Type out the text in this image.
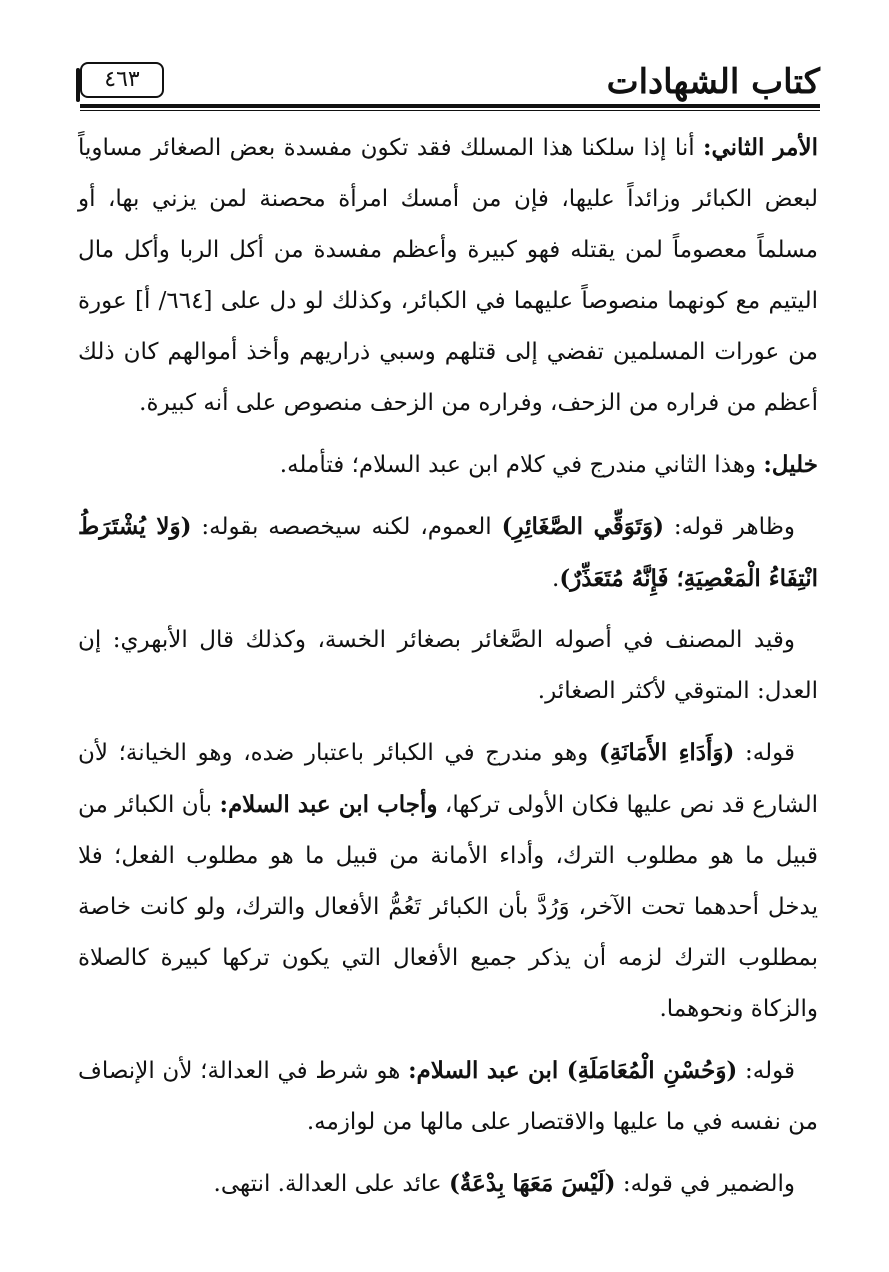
كتاب الشهادات
٤٦٣

الأمر الثاني: أنا إذا سلكنا هذا المسلك فقد تكون مفسدة بعض الصغائر مساوياً لبعض الكبائر وزائداً عليها، فإن من أمسك امرأة محصنة لمن يزني بها، أو مسلماً معصوماً لمن يقتله فهو كبيرة وأعظم مفسدة من أكل الربا وأكل مال اليتيم مع كونهما منصوصاً عليهما في الكبائر، وكذلك لو دل على [٦٦٤/ أ] عورة من عورات المسلمين تفضي إلى قتلهم وسبي ذراريهم وأخذ أموالهم كان ذلك أعظم من فراره من الزحف، وفراره من الزحف منصوص على أنه كبيرة.

خليل: وهذا الثاني مندرج في كلام ابن عبد السلام؛ فتأمله.

 وظاهر قوله: (وَتَوَقِّي الصَّغَائِرِ) العموم، لكنه سيخصصه بقوله: (وَلا يُشْتَرَطُ انْتِفَاءُ الْمَعْصِيَةِ؛ فَإِنَّهُ مُتَعَذِّرٌ).

 وقيد المصنف في أصوله الصَّغائر بصغائر الخسة، وكذلك قال الأبهري: إن العدل: المتوقي لأكثر الصغائر.

 قوله: (وَأَدَاءِ الأَمَانَةِ) وهو مندرج في الكبائر باعتبار ضده، وهو الخيانة؛ لأن الشارع قد نص عليها فكان الأولى تركها، وأجاب ابن عبد السلام: بأن الكبائر من قبيل ما هو مطلوب الترك، وأداء الأمانة من قبيل ما هو مطلوب الفعل؛ فلا يدخل أحدهما تحت الآخر، وَرُدَّ بأن الكبائر تَعُمُّ الأفعال والترك، ولو كانت خاصة بمطلوب الترك لزمه أن يذكر جميع الأفعال التي يكون تركها كبيرة كالصلاة والزكاة ونحوهما.

 قوله: (وَحُسْنِ الْمُعَامَلَةِ) ابن عبد السلام: هو شرط في العدالة؛ لأن الإنصاف من نفسه في ما عليها والاقتصار على مالها من لوازمه.

 والضمير في قوله: (لَيْسَ مَعَهَا بِدْعَةٌ) عائد على العدالة. انتهى.
